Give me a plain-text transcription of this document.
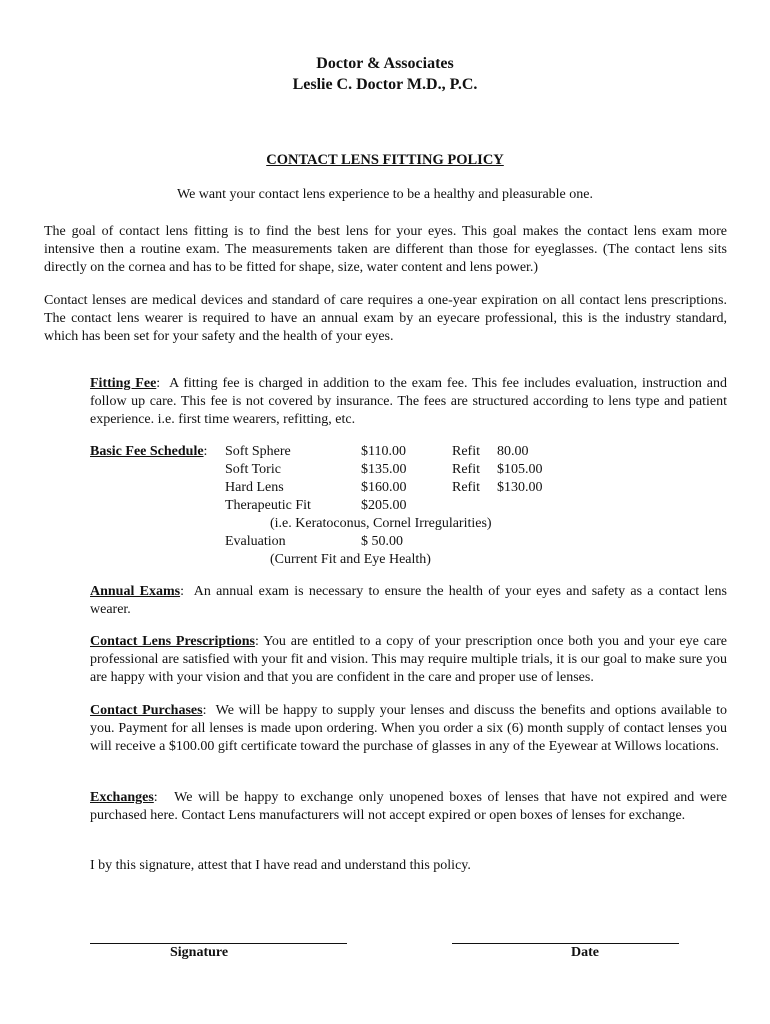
Doctor & Associates
Leslie C. Doctor M.D., P.C.
CONTACT LENS FITTING POLICY
We want your contact lens experience to be a healthy and pleasurable one.
The goal of contact lens fitting is to find the best lens for your eyes. This goal makes the contact lens exam more intensive then a routine exam. The measurements taken are different than those for eyeglasses. (The contact lens sits directly on the cornea and has to be fitted for shape, size, water content and lens power.)
Contact lenses are medical devices and standard of care requires a one-year expiration on all contact lens prescriptions. The contact lens wearer is required to have an annual exam by an eyecare professional, this is the industry standard, which has been set for your safety and the health of your eyes.
Fitting Fee:  A fitting fee is charged in addition to the exam fee. This fee includes evaluation, instruction and follow up care. This fee is not covered by insurance. The fees are structured according to lens type and patient experience. i.e. first time wearers, refitting, etc.
Basic Fee Schedule: Soft Sphere	$110.00	Refit 80.00
Soft Toric	$135.00	Refit $105.00
Hard Lens	$160.00	Refit $130.00
Therapeutic Fit	$205.00
(i.e. Keratoconus, Cornel Irregularities)
Evaluation	$ 50.00
(Current Fit and Eye Health)
Annual Exams:  An annual exam is necessary to ensure the health of your eyes and safety as a contact lens wearer.
Contact Lens Prescriptions: You are entitled to a copy of your prescription once both you and your eye care professional are satisfied with your fit and vision. This may require multiple trials, it is our goal to make sure you are happy with your vision and that you are confident in the care and proper use of lenses.
Contact Purchases:  We will be happy to supply your lenses and discuss the benefits and options available to you. Payment for all lenses is made upon ordering. When you order a six (6) month supply of contact lenses you will receive a $100.00 gift certificate toward the purchase of glasses in any of the Eyewear at Willows locations.
Exchanges:   We will be happy to exchange only unopened boxes of lenses that have not expired and were purchased here. Contact Lens manufacturers will not accept expired or open boxes of lenses for exchange.
I by this signature, attest that I have read and understand this policy.
Signature	Date
